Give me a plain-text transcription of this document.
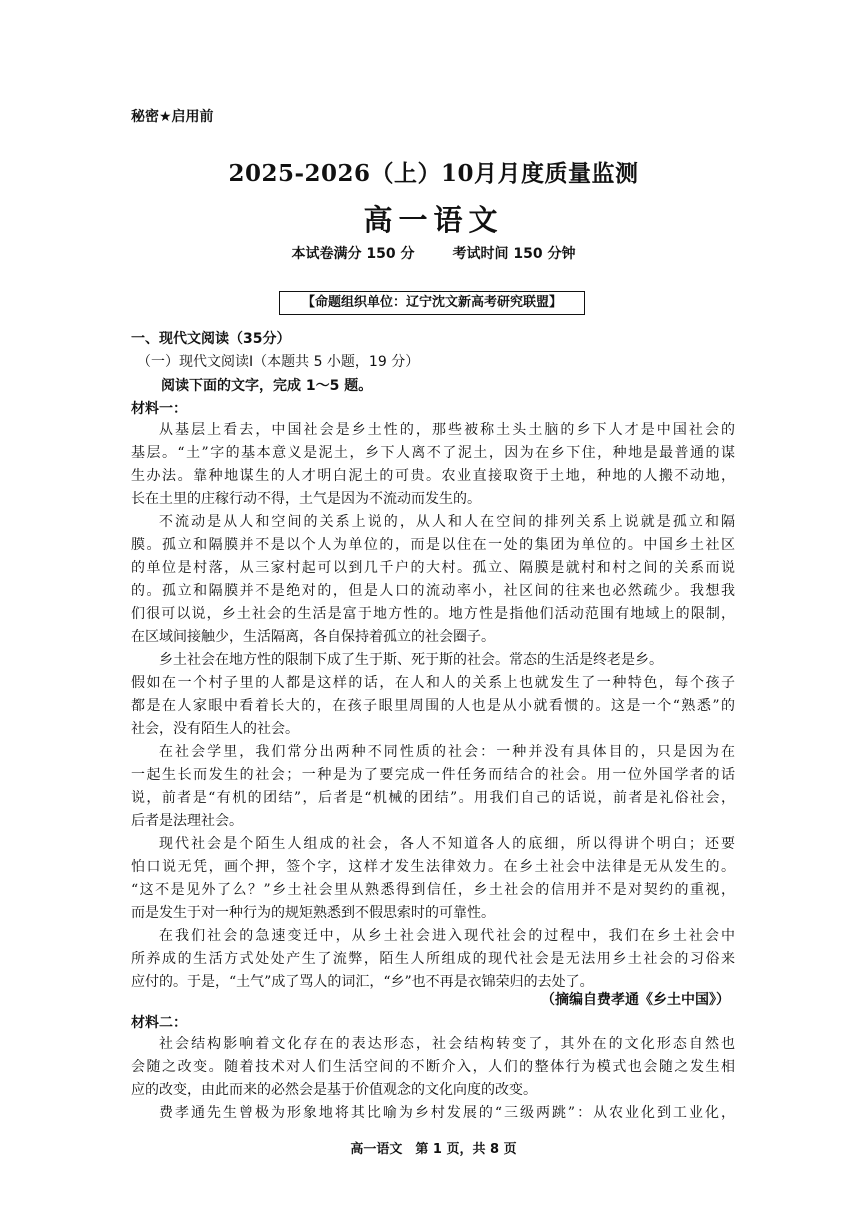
秘密★启用前
2025-2026（上）10月月度质量监测
高一语文
本试卷满分 150 分	考试时间 150 分钟
【命题组织单位：辽宁沈文新高考研究联盟】
一、现代文阅读（35分）
（一）现代文阅读Ⅰ（本题共 5 小题，19 分）
阅读下面的文字，完成 1～5 题。
材料一：
从基层上看去，中国社会是乡土性的，那些被称土头土脑的乡下人才是中国社会的
基层。“土”字的基本意义是泥土，乡下人离不了泥土，因为在乡下住，种地是最普通的谋
生办法。靠种地谋生的人才明白泥土的可贵。农业直接取资于土地，种地的人搬不动地，
长在土里的庄稼行动不得，土气是因为不流动而发生的。
不流动是从人和空间的关系上说的，从人和人在空间的排列关系上说就是孤立和隔
膜。孤立和隔膜并不是以个人为单位的，而是以住在一处的集团为单位的。中国乡土社区
的单位是村落，从三家村起可以到几千户的大村。孤立、隔膜是就村和村之间的关系而说
的。孤立和隔膜并不是绝对的，但是人口的流动率小，社区间的往来也必然疏少。我想我
们很可以说，乡土社会的生活是富于地方性的。地方性是指他们活动范围有地域上的限制，
在区域间接触少，生活隔离，各自保持着孤立的社会圈子。
乡土社会在地方性的限制下成了生于斯、死于斯的社会。常态的生活是终老是乡。
假如在一个村子里的人都是这样的话，在人和人的关系上也就发生了一种特色，每个孩子
都是在人家眼中看着长大的，在孩子眼里周围的人也是从小就看惯的。这是一个“熟悉”的
社会，没有陌生人的社会。
在社会学里，我们常分出两种不同性质的社会：一种并没有具体目的，只是因为在
一起生长而发生的社会；一种是为了要完成一件任务而结合的社会。用一位外国学者的话
说，前者是“有机的团结”，后者是“机械的团结”。用我们自己的话说，前者是礼俗社会，
后者是法理社会。
现代社会是个陌生人组成的社会，各人不知道各人的底细，所以得讲个明白；还要
怕口说无凭，画个押，签个字，这样才发生法律效力。在乡土社会中法律是无从发生的。
“这不是见外了么？”乡土社会里从熟悉得到信任，乡土社会的信用并不是对契约的重视，
而是发生于对一种行为的规矩熟悉到不假思索时的可靠性。
在我们社会的急速变迁中，从乡土社会进入现代社会的过程中，我们在乡土社会中
所养成的生活方式处处产生了流弊，陌生人所组成的现代社会是无法用乡土社会的习俗来
应付的。于是，“土气”成了骂人的词汇，“乡”也不再是衣锦荣归的去处了。
（摘编自费孝通《乡土中国》）
材料二：
社会结构影响着文化存在的表达形态，社会结构转变了，其外在的文化形态自然也
会随之改变。随着技术对人们生活空间的不断介入，人们的整体行为模式也会随之发生相
应的改变，由此而来的必然会是基于价值观念的文化向度的改变。
费孝通先生曾极为形象地将其比喻为乡村发展的“三级两跳”：从农业化到工业化，
高一语文　第 1 页，共 8 页
